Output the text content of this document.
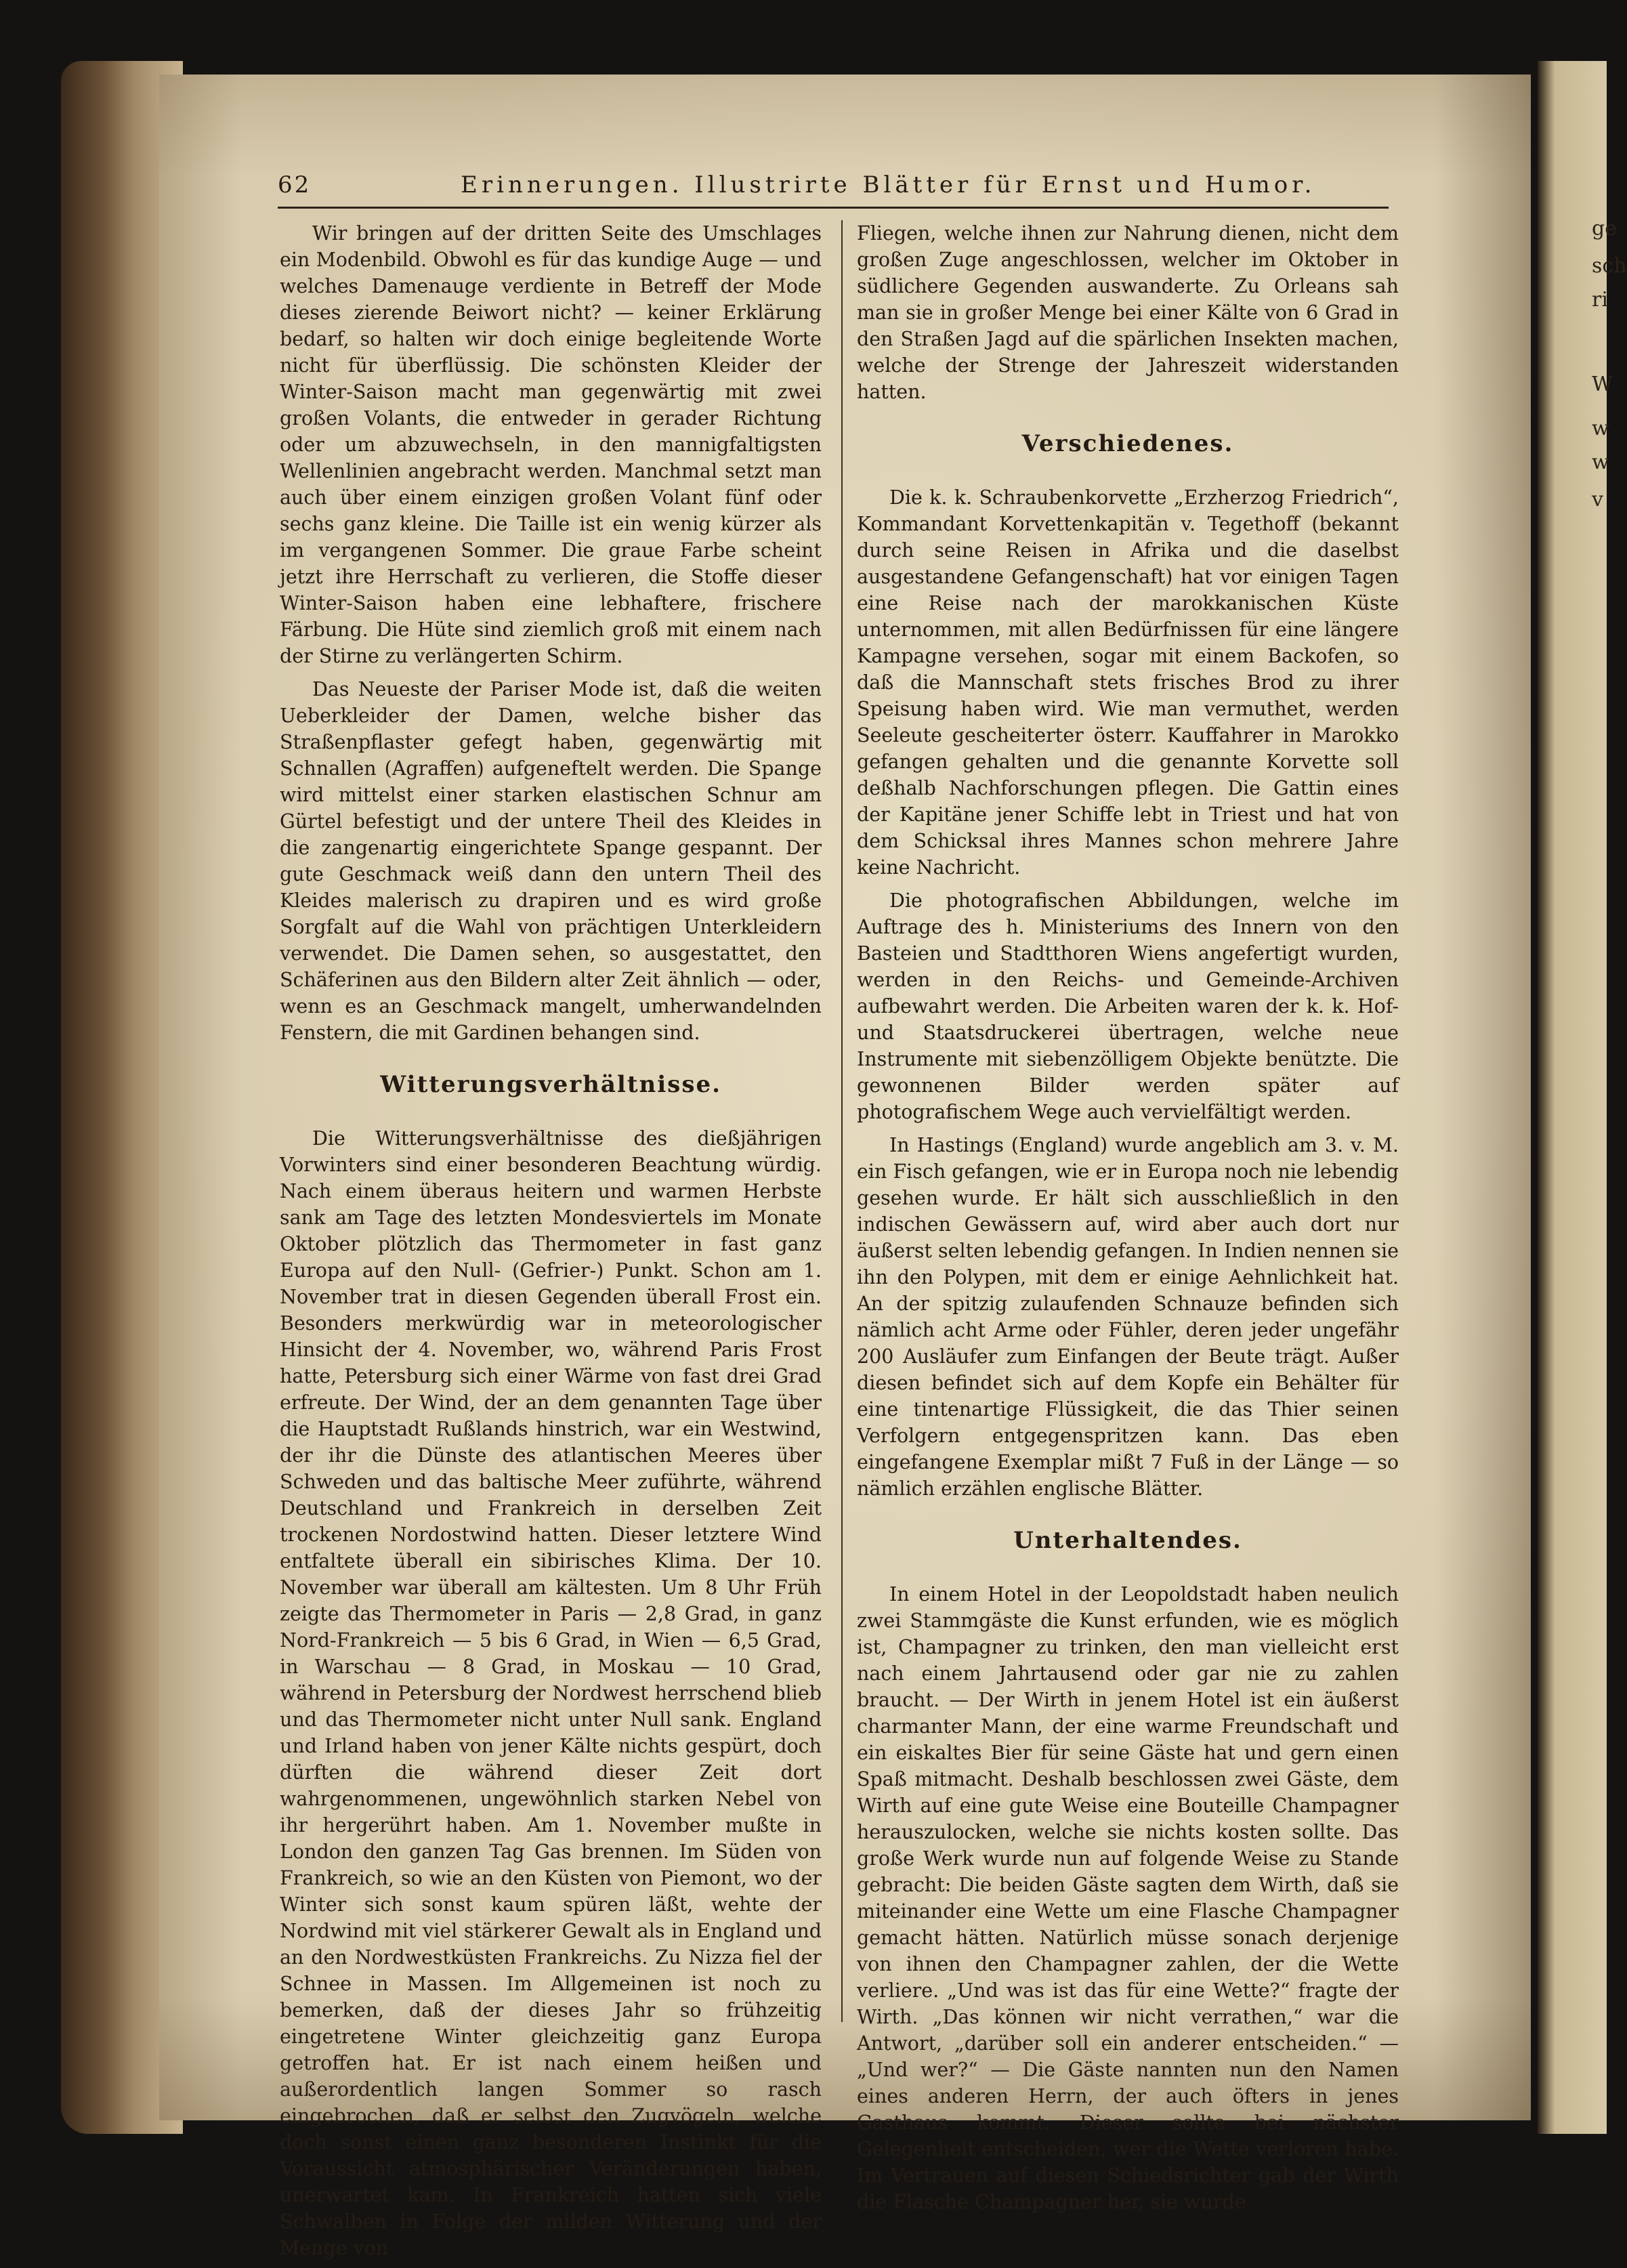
ge
sch
ri
W
w
w
v
62	Erinnerungen. Illustrirte Blätter für Ernst und Humor.

Wir bringen auf der dritten Seite des Umschlages ein Modenbild. Obwohl es für das kundige Auge — und welches Damenauge verdiente in Betreff der Mode dieses zierende Beiwort nicht? — keiner Erklärung bedarf, so halten wir doch einige begleitende Worte nicht für überflüssig. Die schönsten Kleider der Winter-Saison macht man gegenwärtig mit zwei großen Volants, die entweder in gerader Richtung oder um abzuwechseln, in den mannigfaltigsten Wellenlinien angebracht werden. Manchmal setzt man auch über einem einzigen großen Volant fünf oder sechs ganz kleine. Die Taille ist ein wenig kürzer als im vergangenen Sommer. Die graue Farbe scheint jetzt ihre Herrschaft zu verlieren, die Stoffe dieser Winter-Saison haben eine lebhaftere, frischere Färbung. Die Hüte sind ziemlich groß mit einem nach der Stirne zu verlängerten Schirm.

Das Neueste der Pariser Mode ist, daß die weiten Ueberkleider der Damen, welche bisher das Straßenpflaster gefegt haben, gegenwärtig mit Schnallen (Agraffen) aufgeneftelt werden. Die Spange wird mittelst einer starken elastischen Schnur am Gürtel befestigt und der untere Theil des Kleides in die zangenartig eingerichtete Spange gespannt. Der gute Geschmack weiß dann den untern Theil des Kleides malerisch zu drapiren und es wird große Sorgfalt auf die Wahl von prächtigen Unterkleidern verwendet. Die Damen sehen, so ausgestattet, den Schäferinen aus den Bildern alter Zeit ähnlich — oder, wenn es an Geschmack mangelt, umherwandelnden Fenstern, die mit Gardinen behangen sind.

Witterungsverhältnisse.

Die Witterungsverhältnisse des dießjährigen Vorwinters sind einer besonderen Beachtung würdig. Nach einem überaus heitern und warmen Herbste sank am Tage des letzten Mondesviertels im Monate Oktober plötzlich das Thermometer in fast ganz Europa auf den Null- (Gefrier-) Punkt. Schon am 1. November trat in diesen Gegenden überall Frost ein. Besonders merkwürdig war in meteorologischer Hinsicht der 4. November, wo, während Paris Frost hatte, Petersburg sich einer Wärme von fast drei Grad erfreute. Der Wind, der an dem genannten Tage über die Hauptstadt Rußlands hinstrich, war ein Westwind, der ihr die Dünste des atlantischen Meeres über Schweden und das baltische Meer zuführte, während Deutschland und Frankreich in derselben Zeit trockenen Nordostwind hatten. Dieser letztere Wind entfaltete überall ein sibirisches Klima. Der 10. November war überall am kältesten. Um 8 Uhr Früh zeigte das Thermometer in Paris — 2,8 Grad, in ganz Nord-Frankreich — 5 bis 6 Grad, in Wien — 6,5 Grad, in Warschau — 8 Grad, in Moskau — 10 Grad, während in Petersburg der Nordwest herrschend blieb und das Thermometer nicht unter Null sank. England und Irland haben von jener Kälte nichts gespürt, doch dürften die während dieser Zeit dort wahrgenommenen, ungewöhnlich starken Nebel von ihr hergerührt haben. Am 1. November mußte in London den ganzen Tag Gas brennen. Im Süden von Frankreich, so wie an den Küsten von Piemont, wo der Winter sich sonst kaum spüren läßt, wehte der Nordwind mit viel stärkerer Gewalt als in England und an den Nordwestküsten Frankreichs. Zu Nizza fiel der Schnee in Massen. Im Allgemeinen ist noch zu bemerken, daß der dieses Jahr so frühzeitig eingetretene Winter gleichzeitig ganz Europa getroffen hat. Er ist nach einem heißen und außerordentlich langen Sommer so rasch eingebrochen, daß er selbst den Zugvögeln, welche doch sonst einen ganz besonderen Instinkt für die Voraussicht atmosphärischer Veränderungen haben, unerwartet kam. In Frankreich hatten sich viele Schwalben in Folge der milden Witterung und der Menge von

Fliegen, welche ihnen zur Nahrung dienen, nicht dem großen Zuge angeschlossen, welcher im Oktober in südlichere Gegenden auswanderte. Zu Orleans sah man sie in großer Menge bei einer Kälte von 6 Grad in den Straßen Jagd auf die spärlichen Insekten machen, welche der Strenge der Jahreszeit widerstanden hatten.

Verschiedenes.

Die k. k. Schraubenkorvette „Erzherzog Friedrich“, Kommandant Korvettenkapitän v. Tegethoff (bekannt durch seine Reisen in Afrika und die daselbst ausgestandene Gefangenschaft) hat vor einigen Tagen eine Reise nach der marokkanischen Küste unternommen, mit allen Bedürfnissen für eine längere Kampagne versehen, sogar mit einem Backofen, so daß die Mannschaft stets frisches Brod zu ihrer Speisung haben wird. Wie man vermuthet, werden Seeleute gescheiterter österr. Kauffahrer in Marokko gefangen gehalten und die genannte Korvette soll deßhalb Nachforschungen pflegen. Die Gattin eines der Kapitäne jener Schiffe lebt in Triest und hat von dem Schicksal ihres Mannes schon mehrere Jahre keine Nachricht.

Die photografischen Abbildungen, welche im Auftrage des h. Ministeriums des Innern von den Basteien und Stadtthoren Wiens angefertigt wurden, werden in den Reichs- und Gemeinde-Archiven aufbewahrt werden. Die Arbeiten waren der k. k. Hof- und Staatsdruckerei übertragen, welche neue Instrumente mit siebenzölligem Objekte benützte. Die gewonnenen Bilder werden später auf photografischem Wege auch vervielfältigt werden.

In Hastings (England) wurde angeblich am 3. v. M. ein Fisch gefangen, wie er in Europa noch nie lebendig gesehen wurde. Er hält sich ausschließlich in den indischen Gewässern auf, wird aber auch dort nur äußerst selten lebendig gefangen. In Indien nennen sie ihn den Polypen, mit dem er einige Aehnlichkeit hat. An der spitzig zulaufenden Schnauze befinden sich nämlich acht Arme oder Fühler, deren jeder ungefähr 200 Ausläufer zum Einfangen der Beute trägt. Außer diesen befindet sich auf dem Kopfe ein Behälter für eine tintenartige Flüssigkeit, die das Thier seinen Verfolgern entgegenspritzen kann. Das eben eingefangene Exemplar mißt 7 Fuß in der Länge — so nämlich erzählen englische Blätter.

Unterhaltendes.

In einem Hotel in der Leopoldstadt haben neulich zwei Stammgäste die Kunst erfunden, wie es möglich ist, Champagner zu trinken, den man vielleicht erst nach einem Jahrtausend oder gar nie zu zahlen braucht. — Der Wirth in jenem Hotel ist ein äußerst charmanter Mann, der eine warme Freundschaft und ein eiskaltes Bier für seine Gäste hat und gern einen Spaß mitmacht. Deshalb beschlossen zwei Gäste, dem Wirth auf eine gute Weise eine Bouteille Champagner herauszulocken, welche sie nichts kosten sollte. Das große Werk wurde nun auf folgende Weise zu Stande gebracht: Die beiden Gäste sagten dem Wirth, daß sie miteinander eine Wette um eine Flasche Champagner gemacht hätten. Natürlich müsse sonach derjenige von ihnen den Champagner zahlen, der die Wette verliere. „Und was ist das für eine Wette?“ fragte der Wirth. „Das können wir nicht verrathen,“ war die Antwort, „darüber soll ein anderer entscheiden.“ — „Und wer?“ — Die Gäste nannten nun den Namen eines anderen Herrn, der auch öfters in jenes Gasthaus kommt. Dieser sollte bei nächster Gelegenheit entscheiden, wer die Wette verloren habe. Im Vertrauen auf diesen Schiedsrichter gab der Wirth die Flasche Champagner her, sie wurde
